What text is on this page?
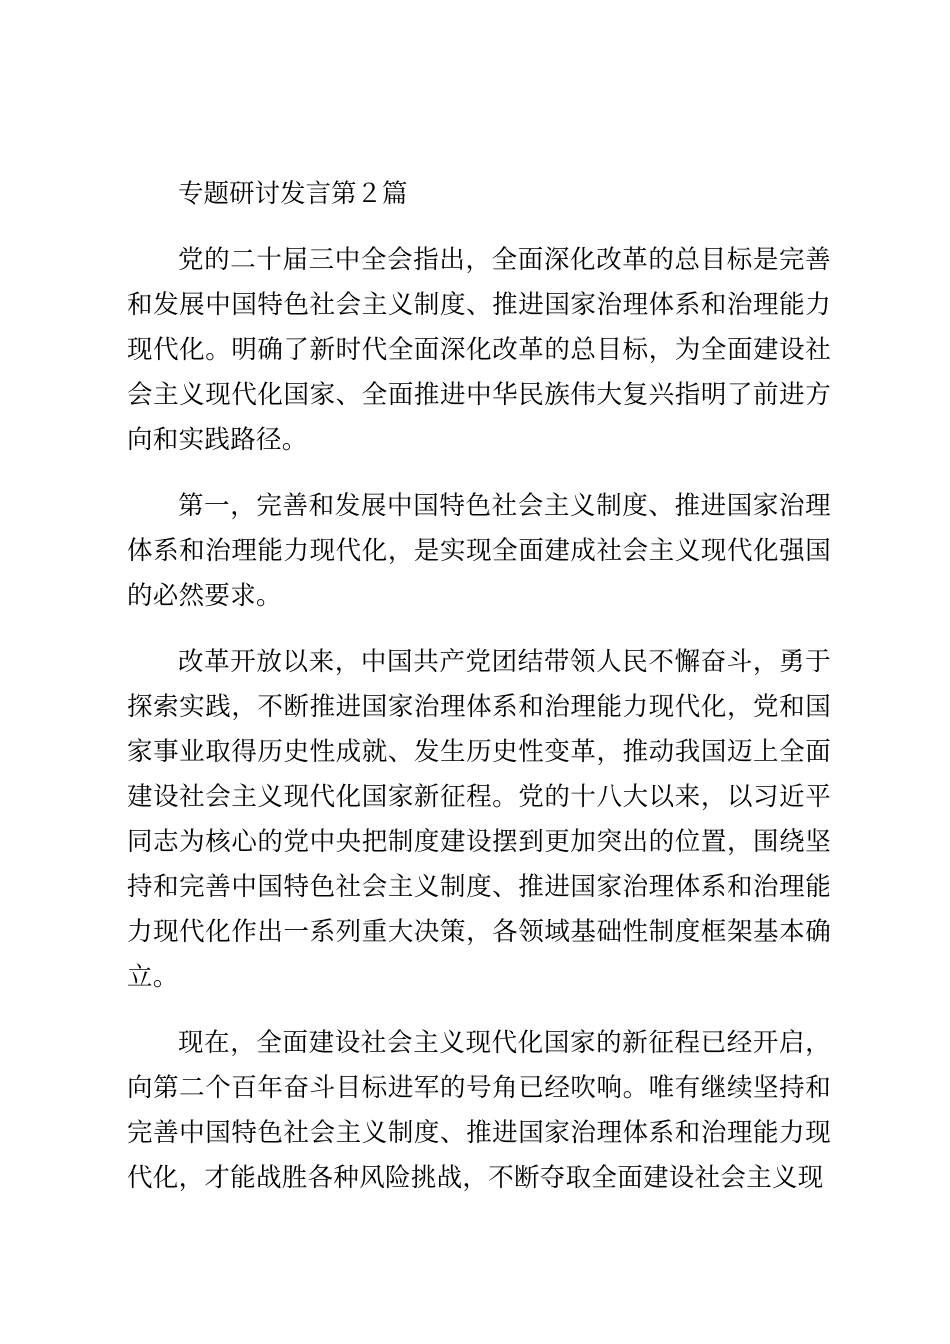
专题研讨发言第２篇

党的二十届三中全会指出，全面深化改革的总目标是完善和发展中国特色社会主义制度、推进国家治理体系和治理能力现代化。明确了新时代全面深化改革的总目标，为全面建设社会主义现代化国家、全面推进中华民族伟大复兴指明了前进方向和实践路径。

第一，完善和发展中国特色社会主义制度、推进国家治理体系和治理能力现代化，是实现全面建成社会主义现代化强国的必然要求。

改革开放以来，中国共产党团结带领人民不懈奋斗，勇于探索实践，不断推进国家治理体系和治理能力现代化，党和国家事业取得历史性成就、发生历史性变革，推动我国迈上全面建设社会主义现代化国家新征程。党的十八大以来，以习近平同志为核心的党中央把制度建设摆到更加突出的位置，围绕坚持和完善中国特色社会主义制度、推进国家治理体系和治理能力现代化作出一系列重大决策，各领域基础性制度框架基本确立。

现在，全面建设社会主义现代化国家的新征程已经开启，向第二个百年奋斗目标进军的号角已经吹响。唯有继续坚持和完善中国特色社会主义制度、推进国家治理体系和治理能力现代化，才能战胜各种风险挑战，不断夺取全面建设社会主义现
